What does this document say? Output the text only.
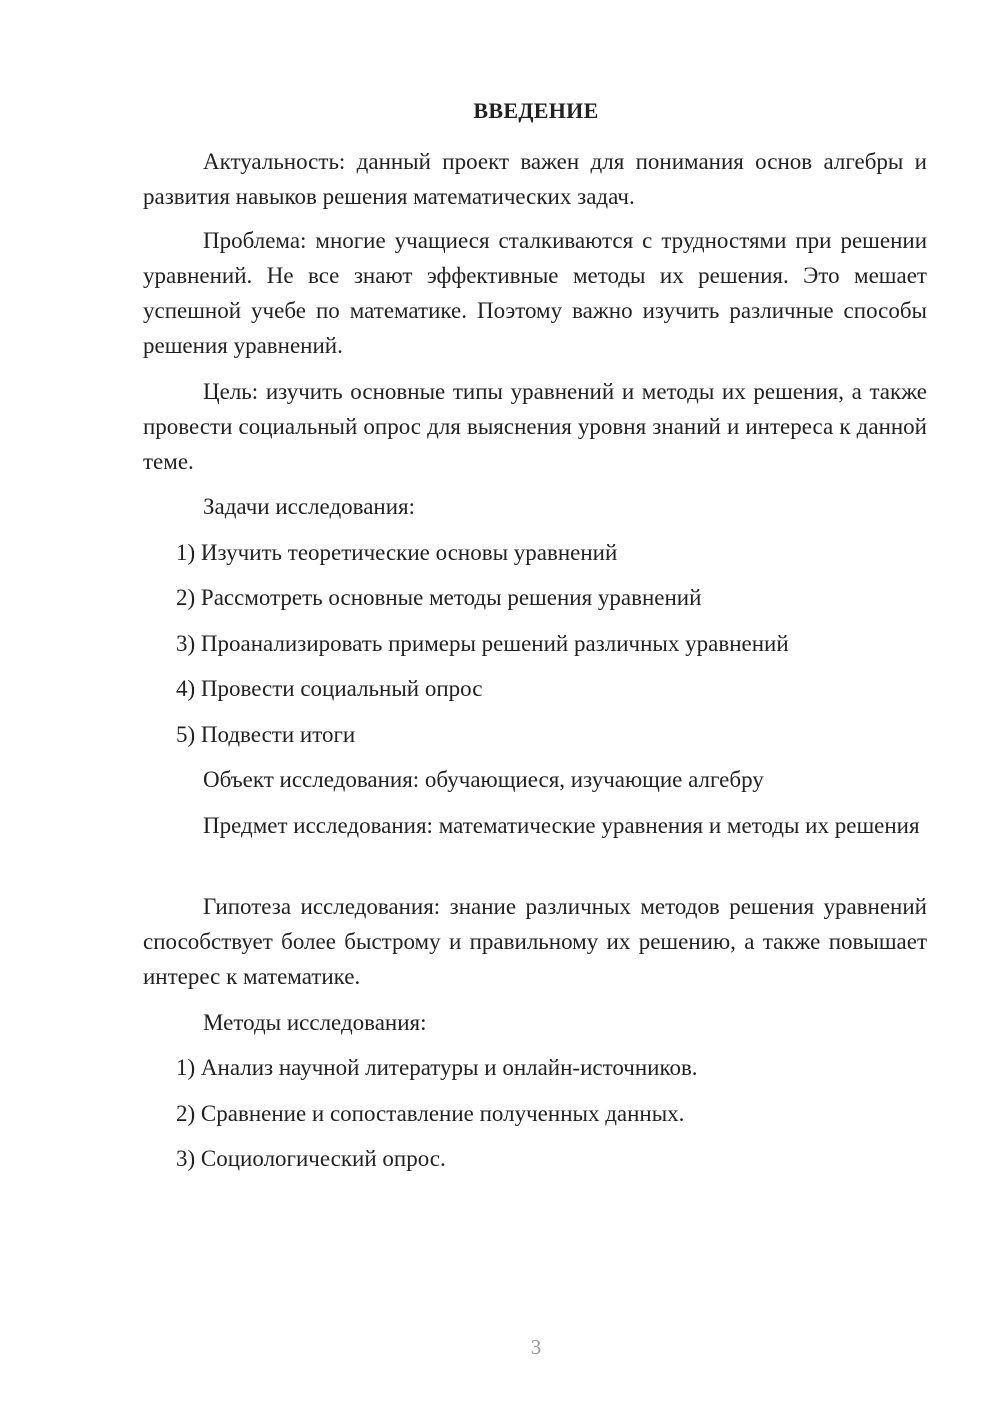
ВВЕДЕНИЕ

Актуальность: данный проект важен для понимания основ алгебры и развития навыков решения математических задач.

Проблема: многие учащиеся сталкиваются с трудностями при решении уравнений. Не все знают эффективные методы их решения. Это мешает успешной учебе по математике. Поэтому важно изучить различные способы решения уравнений.

Цель: изучить основные типы уравнений и методы их решения, а также провести социальный опрос для выяснения уровня знаний и интереса к данной теме.

Задачи исследования:

1) Изучить теоретические основы уравнений

2) Рассмотреть основные методы решения уравнений

3) Проанализировать примеры решений различных уравнений

4) Провести социальный опрос

5) Подвести итоги

Объект исследования: обучающиеся, изучающие алгебру

Предмет исследования: математические уравнения и методы их решения

Гипотеза исследования: знание различных методов решения уравнений способствует более быстрому и правильному их решению, а также повышает интерес к математике.

Методы исследования:

1) Анализ научной литературы и онлайн-источников.

2) Сравнение и сопоставление полученных данных.

3) Социологический опрос.

3
